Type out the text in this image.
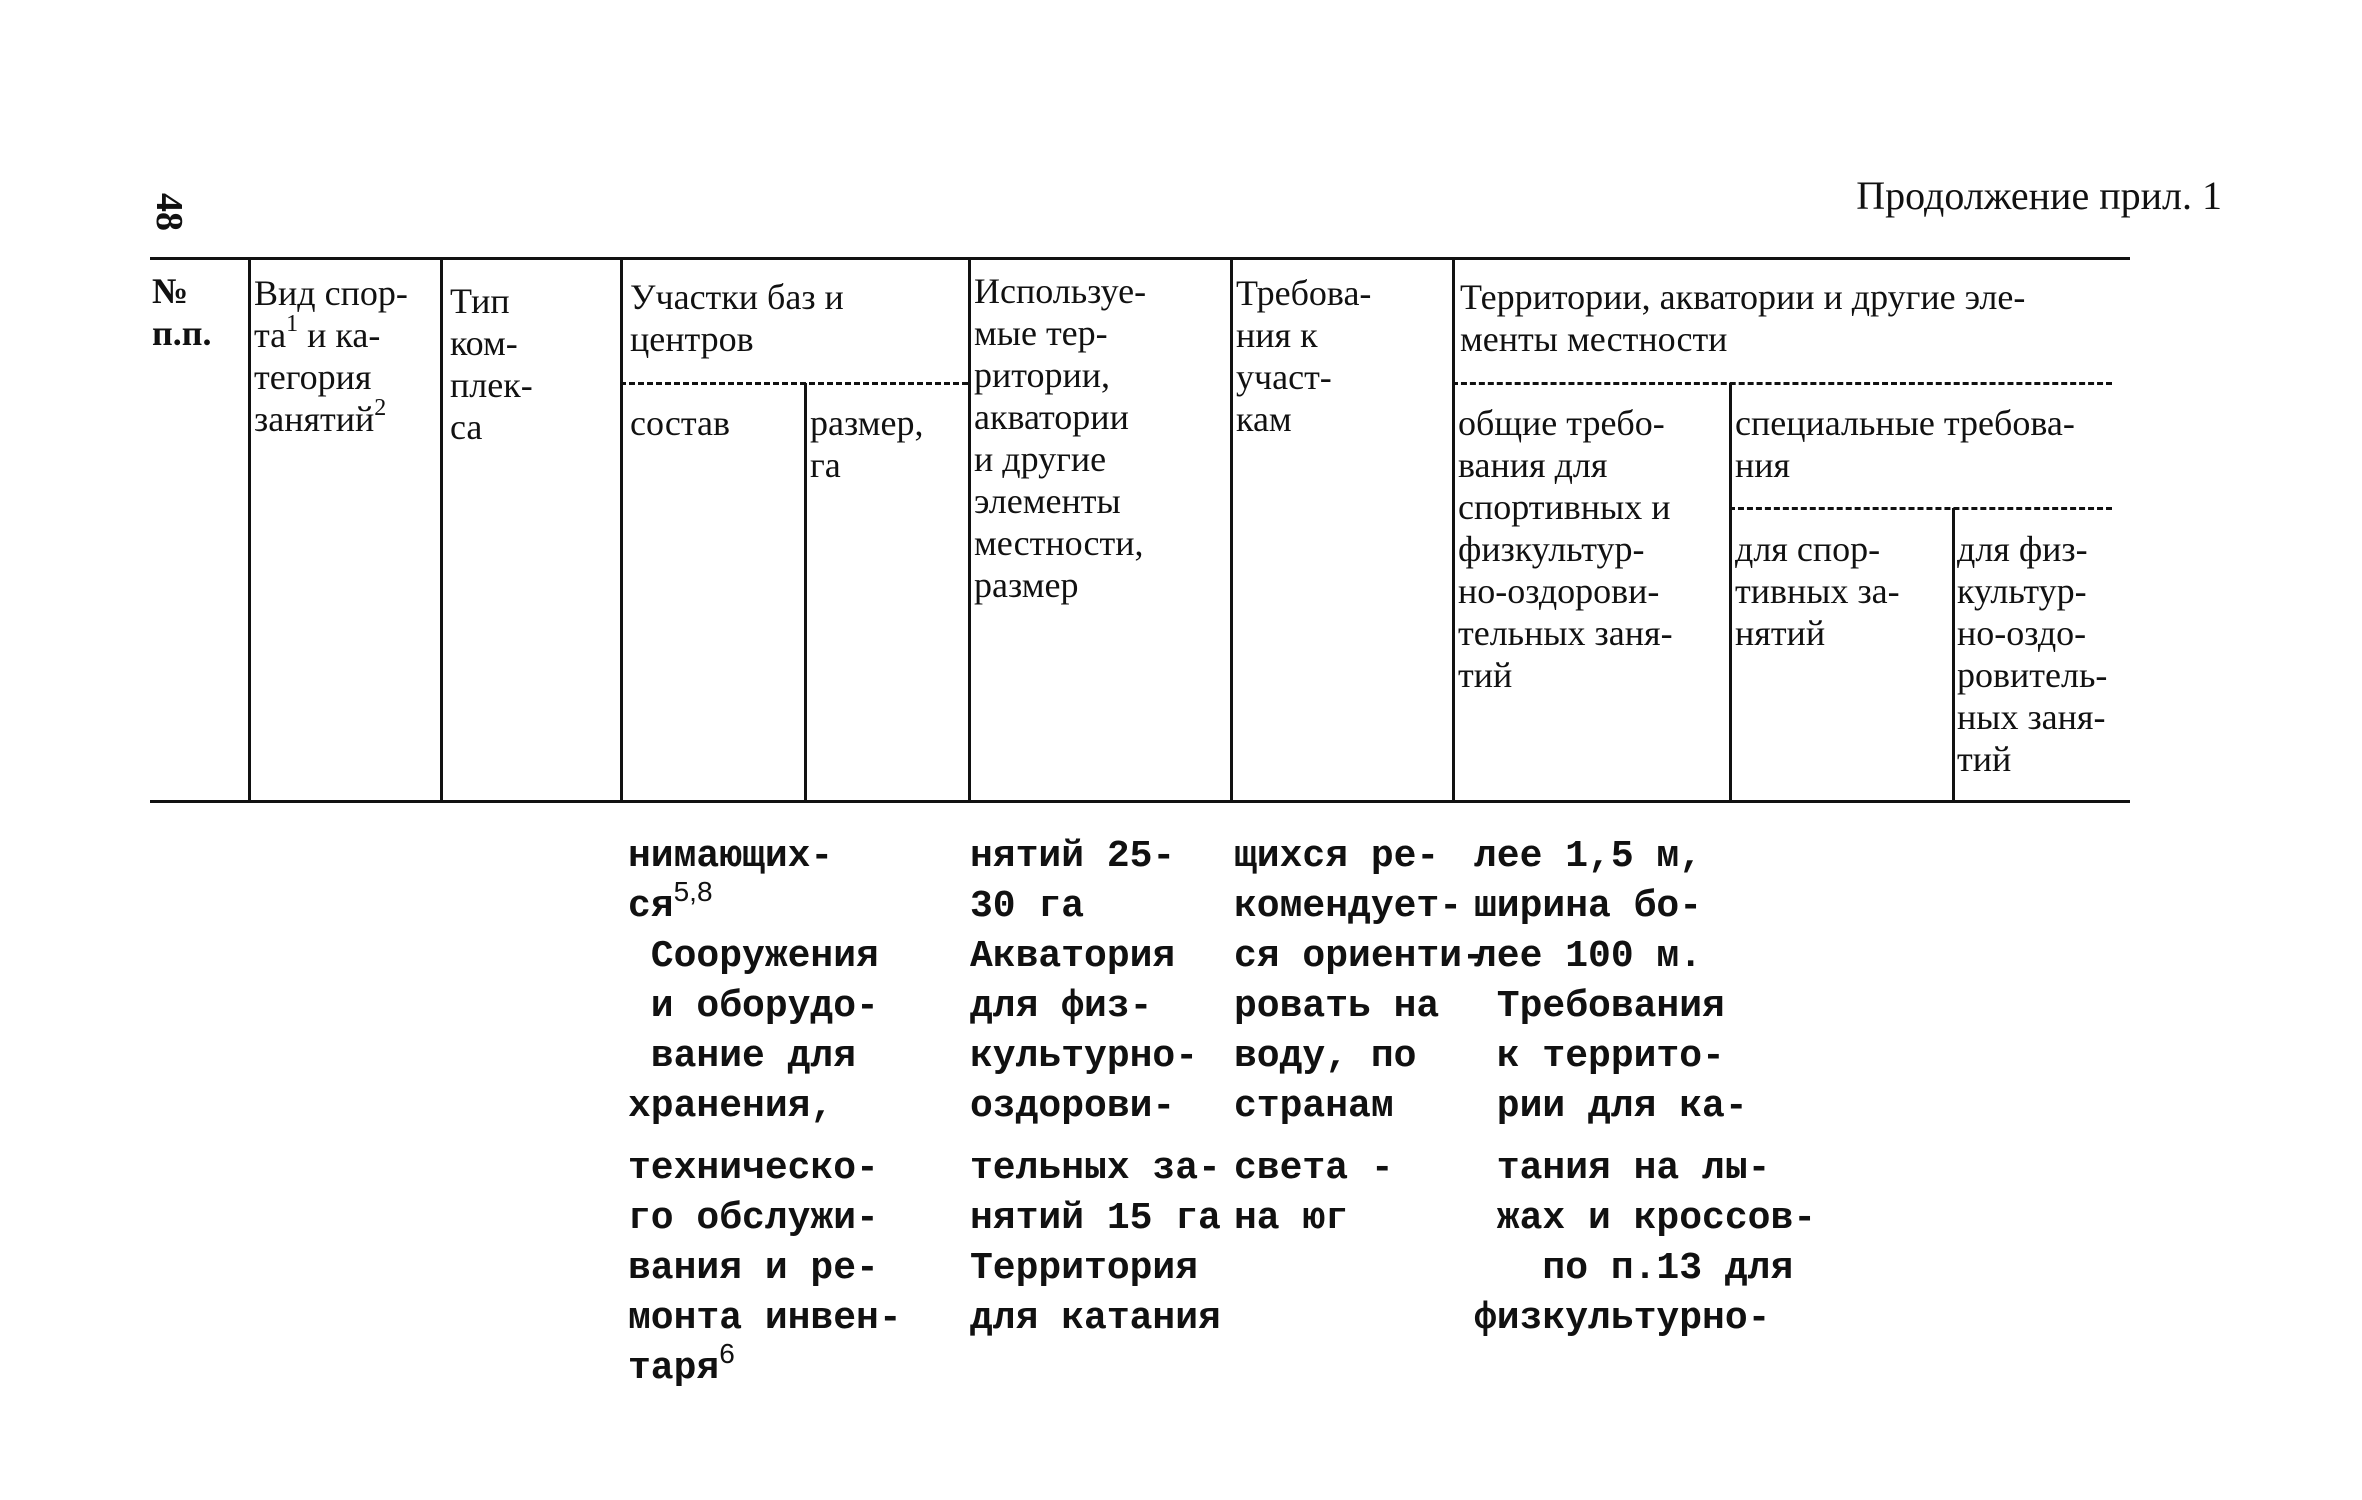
48	Продолжение прил. 1
№
п.п.
Вид спор-
$та^1$ и ка-
тегория
занятий$^2$
Тип
ком-
плек-
са
Участки баз и
центров
состав размер,
га
Используе-
мые тер-
ритории,
акватории
и другие
элементы
местности,
размер
Требова-
ния к
участ-
кам
Территории, акватории и другие эле-
менты местности
общие требо-
вания для
спортивных и
физкультур-
но-оздорови-
тельных заня-
тий
специальные требова-
ния
для спор-
тивных за-
нятий
для физ-
культур-
но-оздо-
ровитель-
ных заня-
тий
нимающих-
ся$^{5,8}$
Сооружения
и оборудо-
вание для
хранения,
техническо-
го обслужи-
вания и ре-
монта инвен-
таря$^6$
нятий 25-
30 га
Акватория
для физ-
культурно-
оздорови-
тельных за-
нятий 15 га
Территория
для катания
щихся ре-
комендует-
ся ориенти-
ровать на
воду, по
странам
света -
на юг
лее 1,5 м,
ширина бо-
лее 100 м.
Требования
к террито-
рии для ка-
тания на лы-
жах и кроссов-
по п.13 для
физкультурно-
